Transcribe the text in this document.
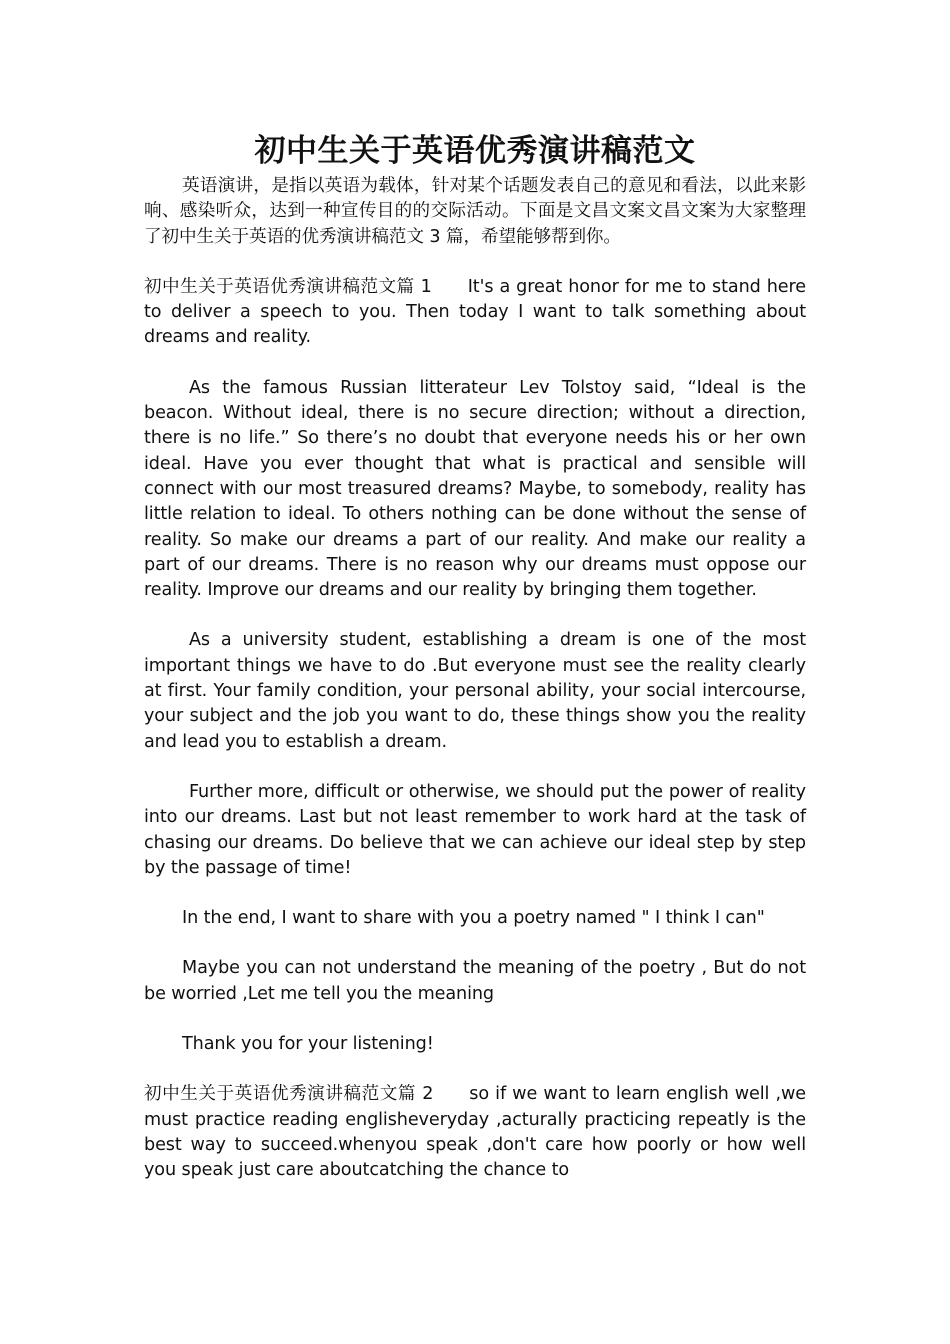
初中生关于英语优秀演讲稿范文

英语演讲，是指以英语为载体，针对某个话题发表自己的意见和看法，以此来影响、感染听众，达到一种宣传目的的交际活动。下面是文昌文案文昌文案为大家整理了初中生关于英语的优秀演讲稿范文 3 篇，希望能够帮到你。

初中生关于英语优秀演讲稿范文篇 1 It's a great honor for me to stand here to deliver a speech to you. Then today I want to talk something about dreams and reality.

As the famous Russian litterateur Lev Tolstoy said, “Ideal is the beacon. Without ideal, there is no secure direction; without a direction, there is no life.” So there’s no doubt that everyone needs his or her own ideal. Have you ever thought that what is practical and sensible will connect with our most treasured dreams? Maybe, to somebody, reality has little relation to ideal. To others nothing can be done without the sense of reality. So make our dreams a part of our reality. And make our reality a part of our dreams. There is no reason why our dreams must oppose our reality. Improve our dreams and our reality by bringing them together.

As a university student, establishing a dream is one of the most important things we have to do .But everyone must see the reality clearly at first. Your family condition, your personal ability, your social intercourse, your subject and the job you want to do, these things show you the reality and lead you to establish a dream.

Further more, difficult or otherwise, we should put the power of reality into our dreams. Last but not least remember to work hard at the task of chasing our dreams. Do believe that we can achieve our ideal step by step by the passage of time!

In the end, I want to share with you a poetry named " I think I can"

Maybe you can not understand the meaning of the poetry , But do not be worried ,Let me tell you the meaning

Thank you for your listening!

初中生关于英语优秀演讲稿范文篇 2 so if we want to learn english well ,we must practice reading englisheveryday ,acturally practicing repeatly is the best way to succeed.whenyou speak ,don't care how poorly or how well you speak just care aboutcatching the chance to
